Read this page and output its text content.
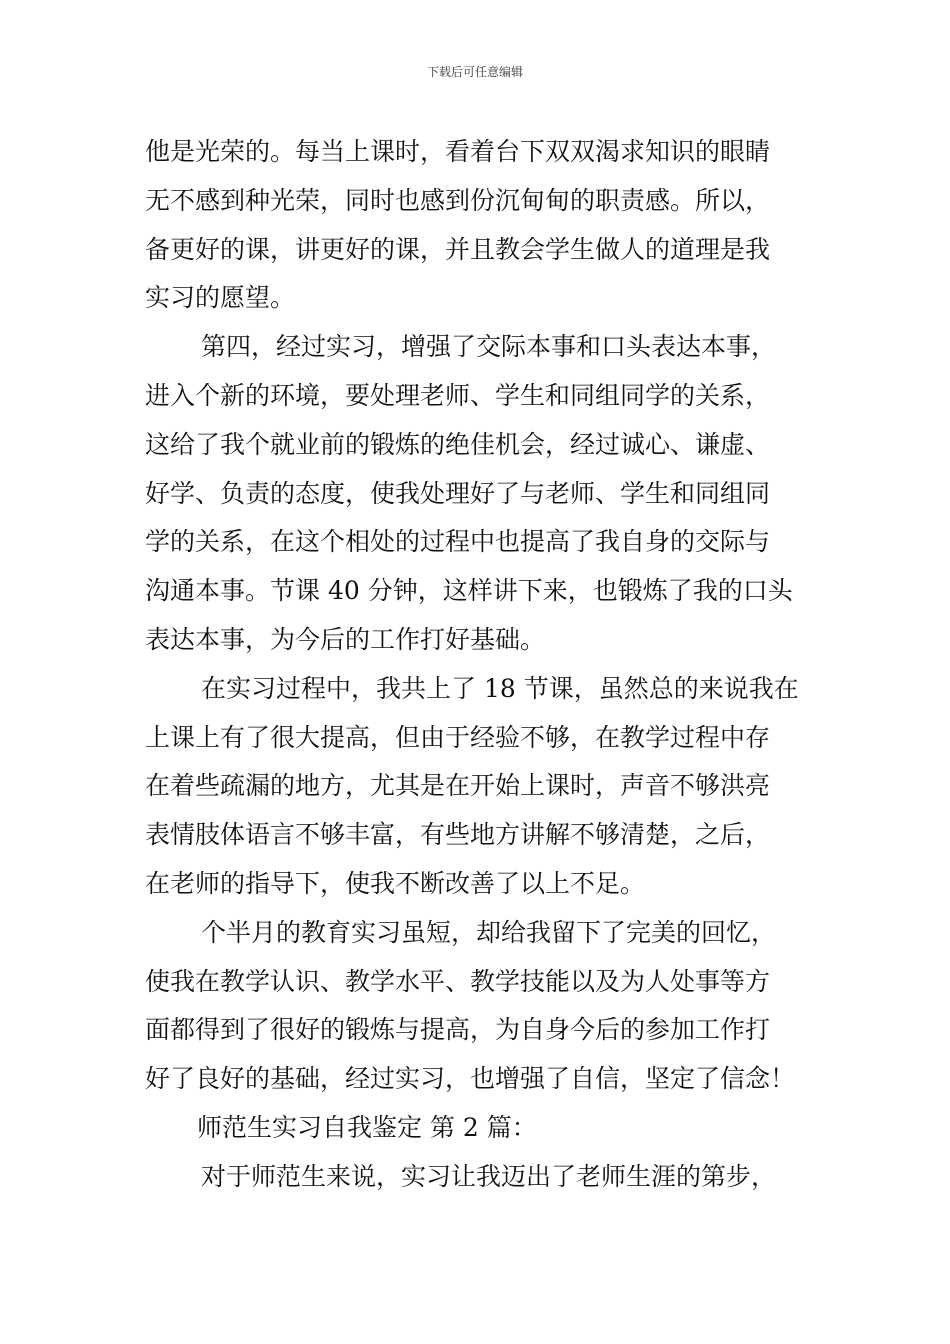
下载后可任意编辑
他是光荣的。每当上课时，看着台下双双渴求知识的眼睛
无不感到种光荣，同时也感到份沉甸甸的职责感。所以，
备更好的课，讲更好的课，并且教会学生做人的道理是我
实习的愿望。
第四，经过实习，增强了交际本事和口头表达本事，
进入个新的环境，要处理老师、学生和同组同学的关系，
这给了我个就业前的锻炼的绝佳机会，经过诚心、谦虚、
好学、负责的态度，使我处理好了与老师、学生和同组同
学的关系，在这个相处的过程中也提高了我自身的交际与
沟通本事。节课 40 分钟，这样讲下来，也锻炼了我的口头
表达本事，为今后的工作打好基础。
在实习过程中，我共上了 18 节课，虽然总的来说我在
上课上有了很大提高，但由于经验不够，在教学过程中存
在着些疏漏的地方，尤其是在开始上课时，声音不够洪亮
表情肢体语言不够丰富，有些地方讲解不够清楚，之后，
在老师的指导下，使我不断改善了以上不足。
个半月的教育实习虽短，却给我留下了完美的回忆，
使我在教学认识、教学水平、教学技能以及为人处事等方
面都得到了很好的锻炼与提高，为自身今后的参加工作打
好了良好的基础，经过实习，也增强了自信，坚定了信念！
师范生实习自我鉴定 第 2 篇：
对于师范生来说，实习让我迈出了老师生涯的第步，
